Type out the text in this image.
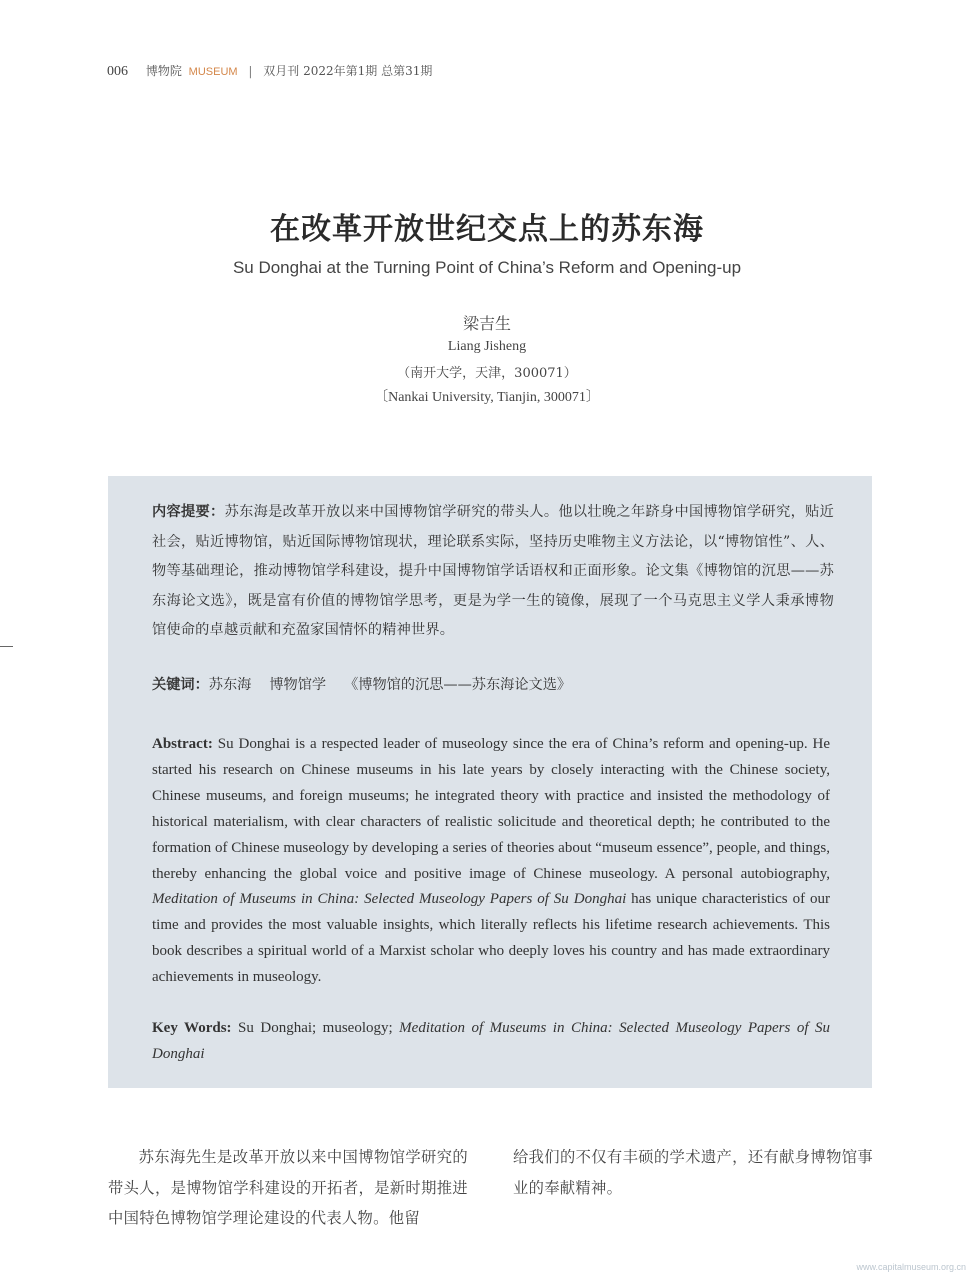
006 博物院 MUSEUM | 双月刊 2022年第1期 总第31期
在改革开放世纪交点上的苏东海
Su Donghai at the Turning Point of China’s Reform and Opening-up
梁吉生
Liang Jisheng
（南开大学，天津，300071）
〔Nankai University, Tianjin, 300071〕
内容提要：苏东海是改革开放以来中国博物馆学研究的带头人。他以壮晚之年跻身中国博物馆学研究，贴近社会，贴近博物馆，贴近国际博物馆现状，理论联系实际，坚持历史唯物主义方法论，以“博物馆性”、人、物等基础理论，推动博物馆学科建设，提升中国博物馆学话语权和正面形象。论文集《博物馆的沉思——苏东海论文选》，既是富有价值的博物馆学思考，更是为学一生的镜像，展现了一个马克思主义学人秉承博物馆使命的卓越贡献和充盈家国情怀的精神世界。
关键词：苏东海 博物馆学 《博物馆的沉思——苏东海论文选》
Abstract: Su Donghai is a respected leader of museology since the era of China’s reform and opening-up. He started his research on Chinese museums in his late years by closely interacting with the Chinese society, Chinese museums, and foreign museums; he integrated theory with practice and insisted the methodology of historical materialism, with clear characters of realistic solicitude and theoretical depth; he contributed to the formation of Chinese museology by developing a series of theories about “museum essence”, people, and things, thereby enhancing the global voice and positive image of Chinese museology. A personal autobiography, Meditation of Museums in China: Selected Museology Papers of Su Donghai has unique characteristics of our time and provides the most valuable insights, which literally reflects his lifetime research achievements. This book describes a spiritual world of a Marxist scholar who deeply loves his country and has made extraordinary achievements in museology.
Key Words: Su Donghai; museology; Meditation of Museums in China: Selected Museology Papers of Su Donghai
苏东海先生是改革开放以来中国博物馆学研究的带头人，是博物馆学科建设的开拓者，是新时期推进中国特色博物馆学理论建设的代表人物。他留
给我们的不仅有丰硕的学术遗产，还有献身博物馆事业的奉献精神。
www.capitalmuseum.org.cn
